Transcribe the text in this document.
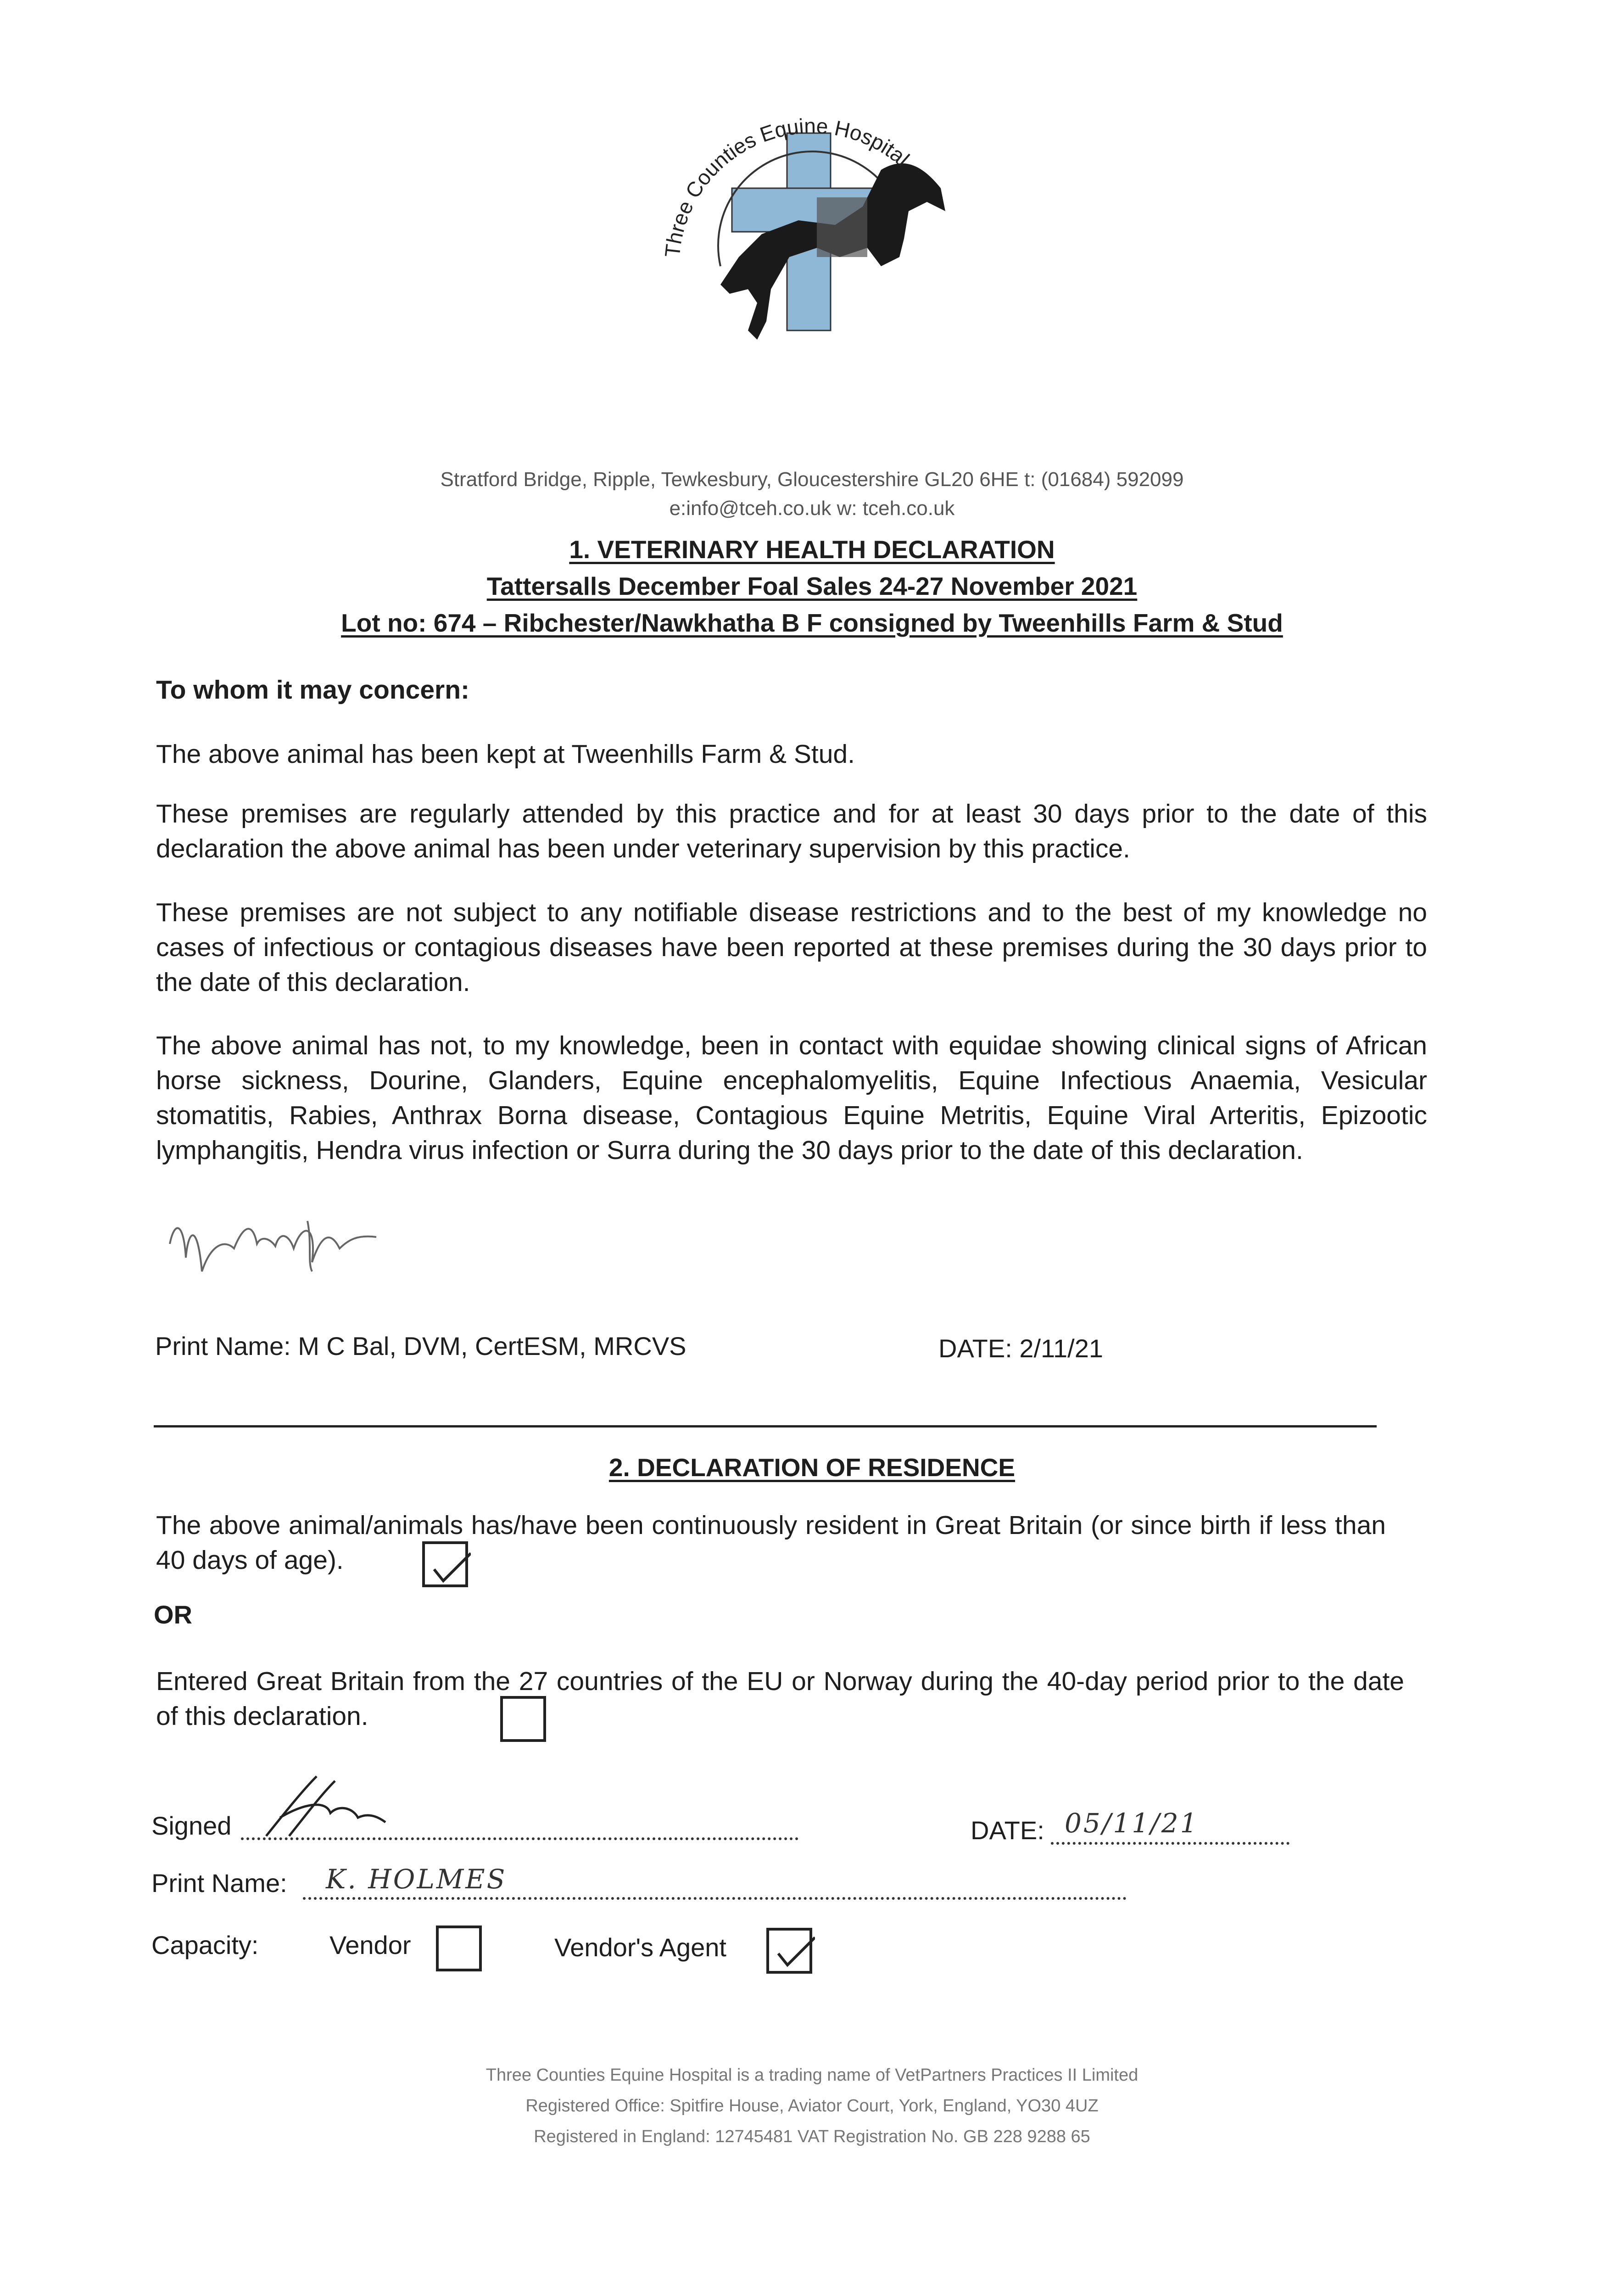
Three Counties Equine Hospital
Stratford Bridge, Ripple, Tewkesbury, Gloucestershire GL20 6HE t: (01684) 592099
e:info@tceh.co.uk w: tceh.co.uk
1. VETERINARY HEALTH DECLARATION
Tattersalls December Foal Sales 24-27 November 2021
Lot no: 674 – Ribchester/Nawkhatha B F consigned by Tweenhills Farm & Stud
To whom it may concern:
The above animal has been kept at Tweenhills Farm & Stud.
These premises are regularly attended by this practice and for at least 30 days prior to the date of this declaration the above animal has been under veterinary supervision by this practice.
These premises are not subject to any notifiable disease restrictions and to the best of my knowledge no cases of infectious or contagious diseases have been reported at these premises during the 30 days prior to the date of this declaration.
The above animal has not, to my knowledge, been in contact with equidae showing clinical signs of African horse sickness, Dourine, Glanders, Equine encephalomyelitis, Equine Infectious Anaemia, Vesicular stomatitis, Rabies, Anthrax Borna disease, Contagious Equine Metritis, Equine Viral Arteritis, Epizootic lymphangitis, Hendra virus infection or Surra during the 30 days prior to the date of this declaration.
Print Name: M C Bal, DVM, CertESM, MRCVS	DATE: 2/11/21
2. DECLARATION OF RESIDENCE
The above animal/animals has/have been continuously resident in Great Britain (or since birth if less than 40 days of age).
OR
Entered Great Britain from the 27 countries of the EU or Norway during the 40-day period prior to the date of this declaration.
Signed	DATE: 05/11/21
Print Name: K. HOLMES
Capacity:	Vendor	Vendor's Agent
Three Counties Equine Hospital is a trading name of VetPartners Practices II Limited
Registered Office: Spitfire House, Aviator Court, York, England, YO30 4UZ
Registered in England: 12745481 VAT Registration No. GB 228 9288 65
